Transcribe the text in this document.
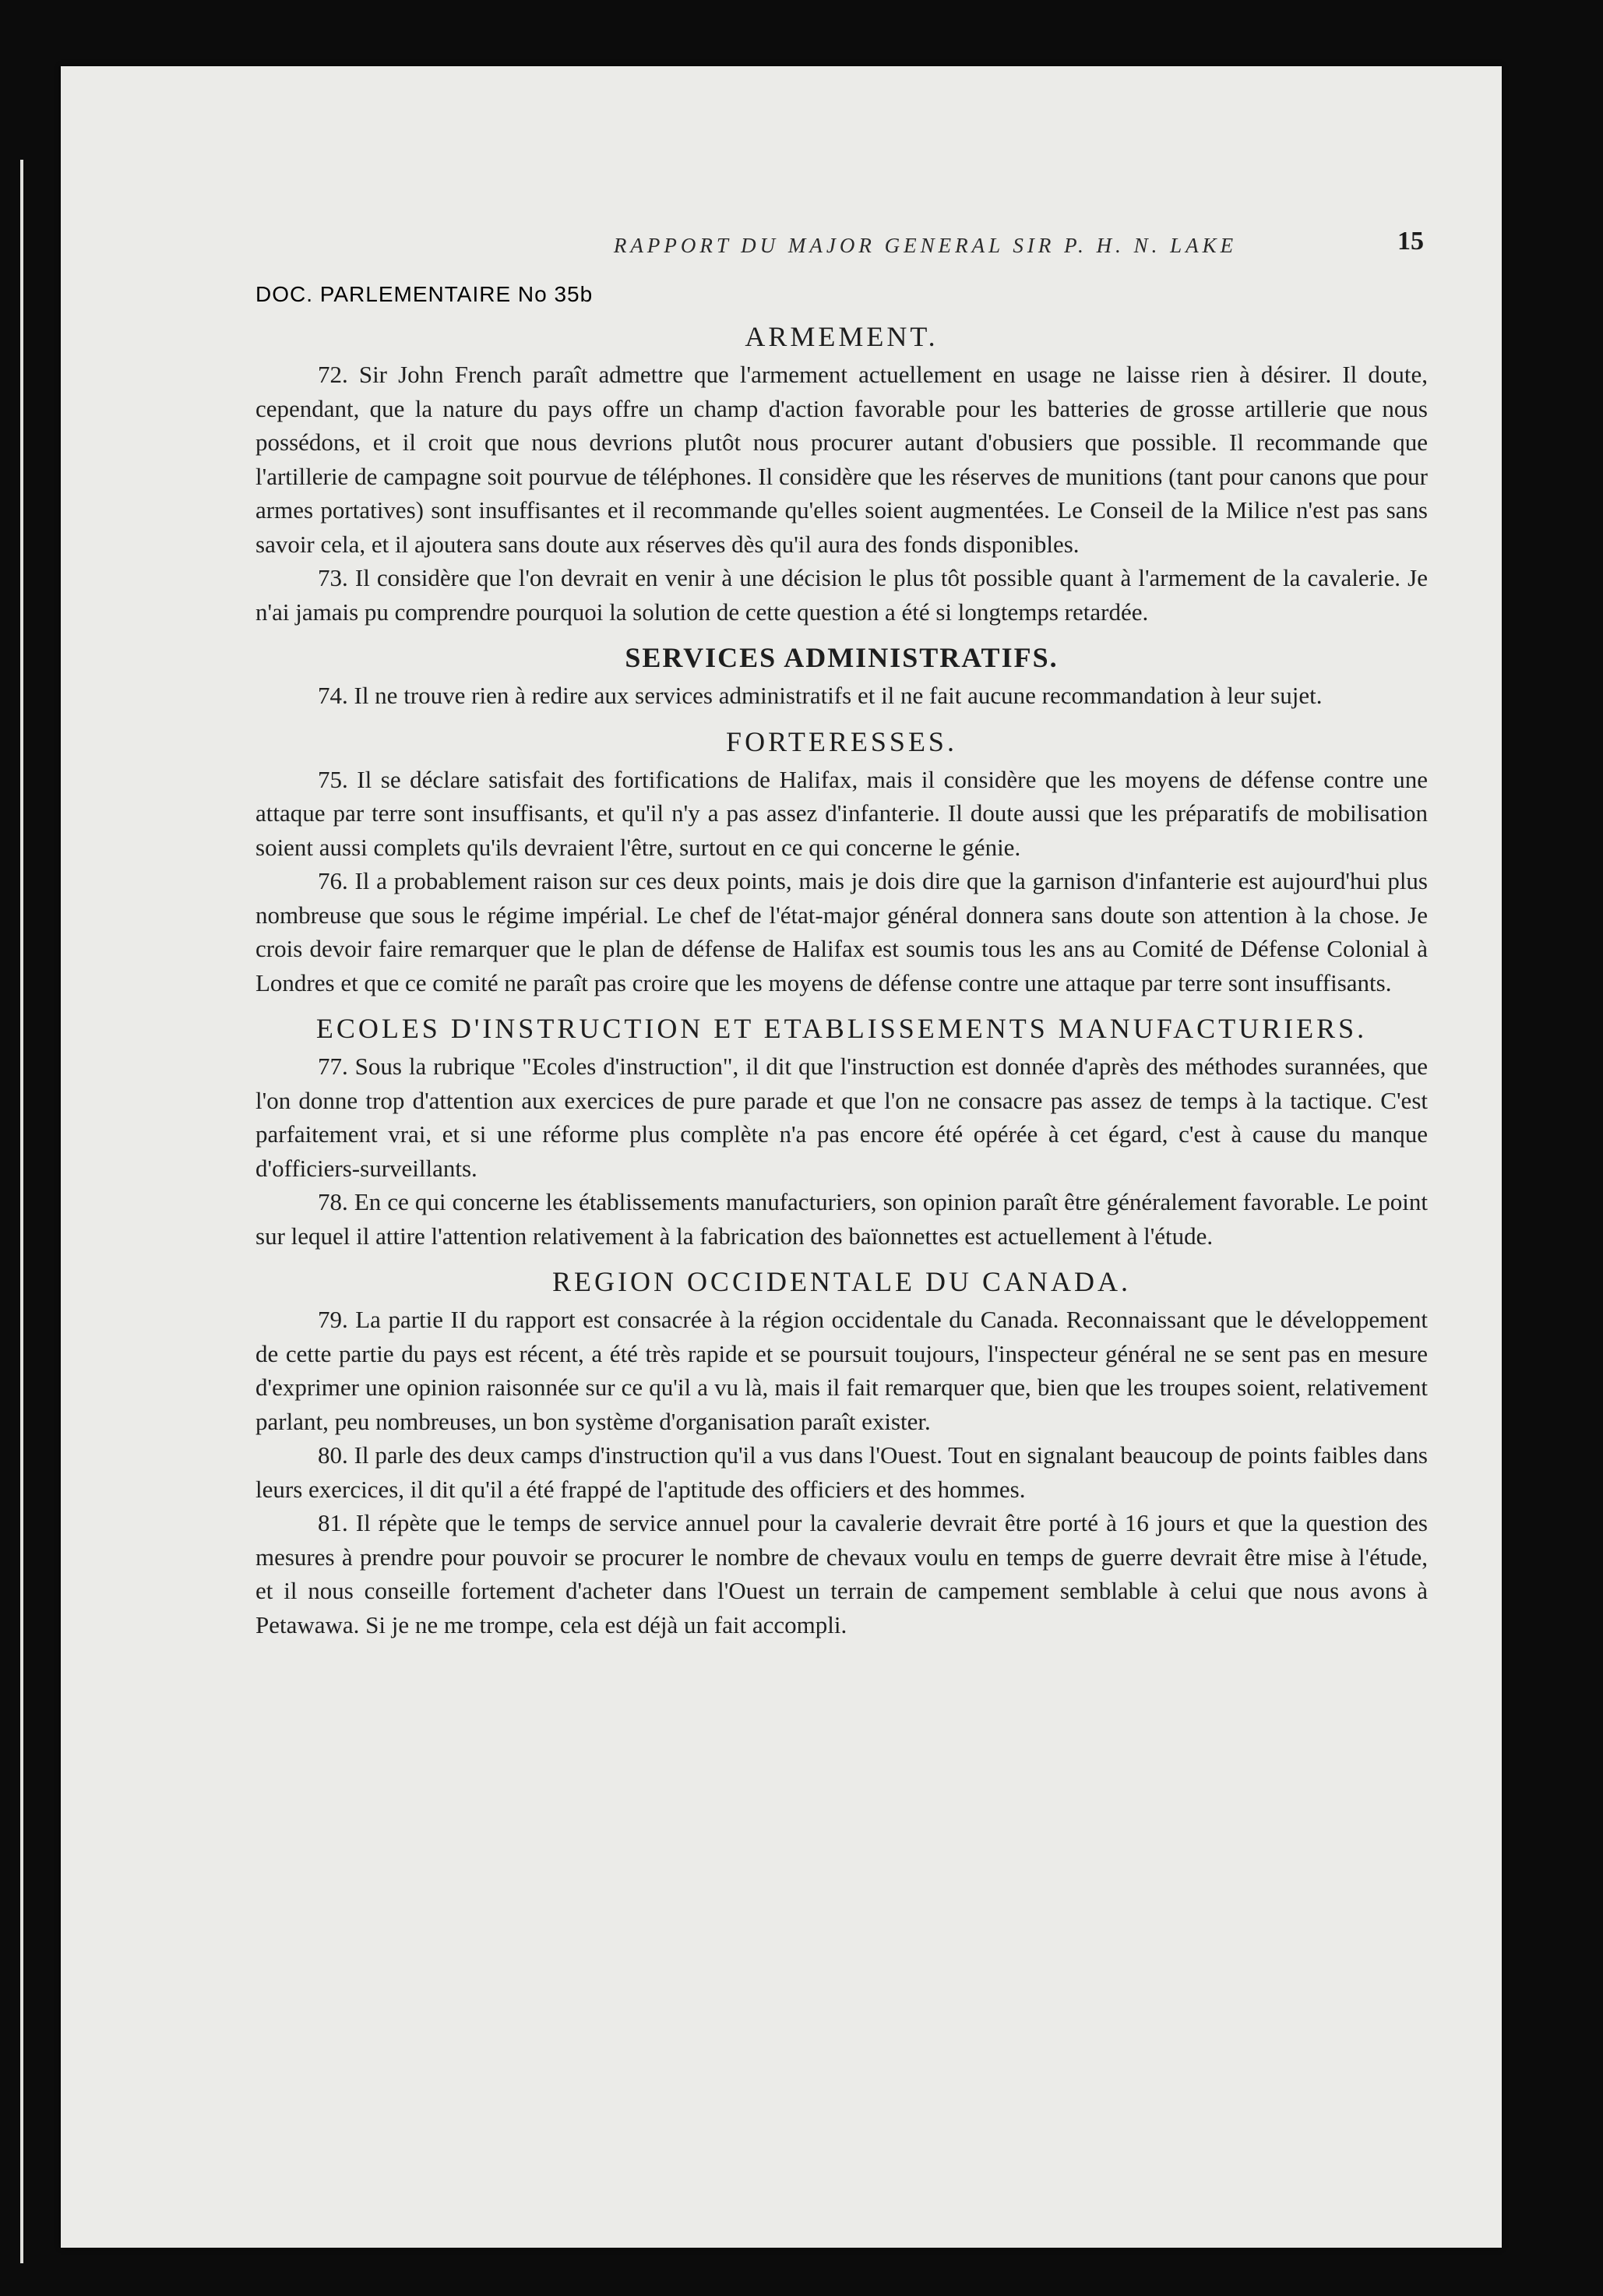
RAPPORT DU MAJOR GENERAL SIR P. H. N. LAKE	15
DOC. PARLEMENTAIRE No 35b
ARMEMENT.

72. Sir John French paraît admettre que l'armement actuellement en usage ne laisse rien à désirer. Il doute, cependant, que la nature du pays offre un champ d'action favorable pour les batteries de grosse artillerie que nous possédons, et il croit que nous devrions plutôt nous procurer autant d'obusiers que possible. Il recommande que l'artillerie de campagne soit pourvue de téléphones. Il considère que les réserves de munitions (tant pour canons que pour armes portatives) sont insuffisantes et il recommande qu'elles soient augmentées. Le Conseil de la Milice n'est pas sans savoir cela, et il ajoutera sans doute aux réserves dès qu'il aura des fonds disponibles.

73. Il considère que l'on devrait en venir à une décision le plus tôt possible quant à l'armement de la cavalerie. Je n'ai jamais pu comprendre pourquoi la solution de cette question a été si longtemps retardée.

SERVICES ADMINISTRATIFS.

74. Il ne trouve rien à redire aux services administratifs et il ne fait aucune recommandation à leur sujet.

FORTERESSES.

75. Il se déclare satisfait des fortifications de Halifax, mais il considère que les moyens de défense contre une attaque par terre sont insuffisants, et qu'il n'y a pas assez d'infanterie. Il doute aussi que les préparatifs de mobilisation soient aussi complets qu'ils devraient l'être, surtout en ce qui concerne le génie.

76. Il a probablement raison sur ces deux points, mais je dois dire que la garnison d'infanterie est aujourd'hui plus nombreuse que sous le régime impérial. Le chef de l'état-major général donnera sans doute son attention à la chose. Je crois devoir faire remarquer que le plan de défense de Halifax est soumis tous les ans au Comité de Défense Colonial à Londres et que ce comité ne paraît pas croire que les moyens de défense contre une attaque par terre sont insuffisants.

ECOLES D'INSTRUCTION ET ETABLISSEMENTS MANUFACTURIERS.

77. Sous la rubrique "Ecoles d'instruction", il dit que l'instruction est donnée d'après des méthodes surannées, que l'on donne trop d'attention aux exercices de pure parade et que l'on ne consacre pas assez de temps à la tactique. C'est parfaitement vrai, et si une réforme plus complète n'a pas encore été opérée à cet égard, c'est à cause du manque d'officiers-surveillants.

78. En ce qui concerne les établissements manufacturiers, son opinion paraît être généralement favorable. Le point sur lequel il attire l'attention relativement à la fabrication des baïonnettes est actuellement à l'étude.

REGION OCCIDENTALE DU CANADA.

79. La partie II du rapport est consacrée à la région occidentale du Canada. Reconnaissant que le développement de cette partie du pays est récent, a été très rapide et se poursuit toujours, l'inspecteur général ne se sent pas en mesure d'exprimer une opinion raisonnée sur ce qu'il a vu là, mais il fait remarquer que, bien que les troupes soient, relativement parlant, peu nombreuses, un bon système d'organisation paraît exister.

80. Il parle des deux camps d'instruction qu'il a vus dans l'Ouest. Tout en signalant beaucoup de points faibles dans leurs exercices, il dit qu'il a été frappé de l'aptitude des officiers et des hommes.

81. Il répète que le temps de service annuel pour la cavalerie devrait être porté à 16 jours et que la question des mesures à prendre pour pouvoir se procurer le nombre de chevaux voulu en temps de guerre devrait être mise à l'étude, et il nous conseille fortement d'acheter dans l'Ouest un terrain de campement semblable à celui que nous avons à Petawawa. Si je ne me trompe, cela est déjà un fait accompli.
